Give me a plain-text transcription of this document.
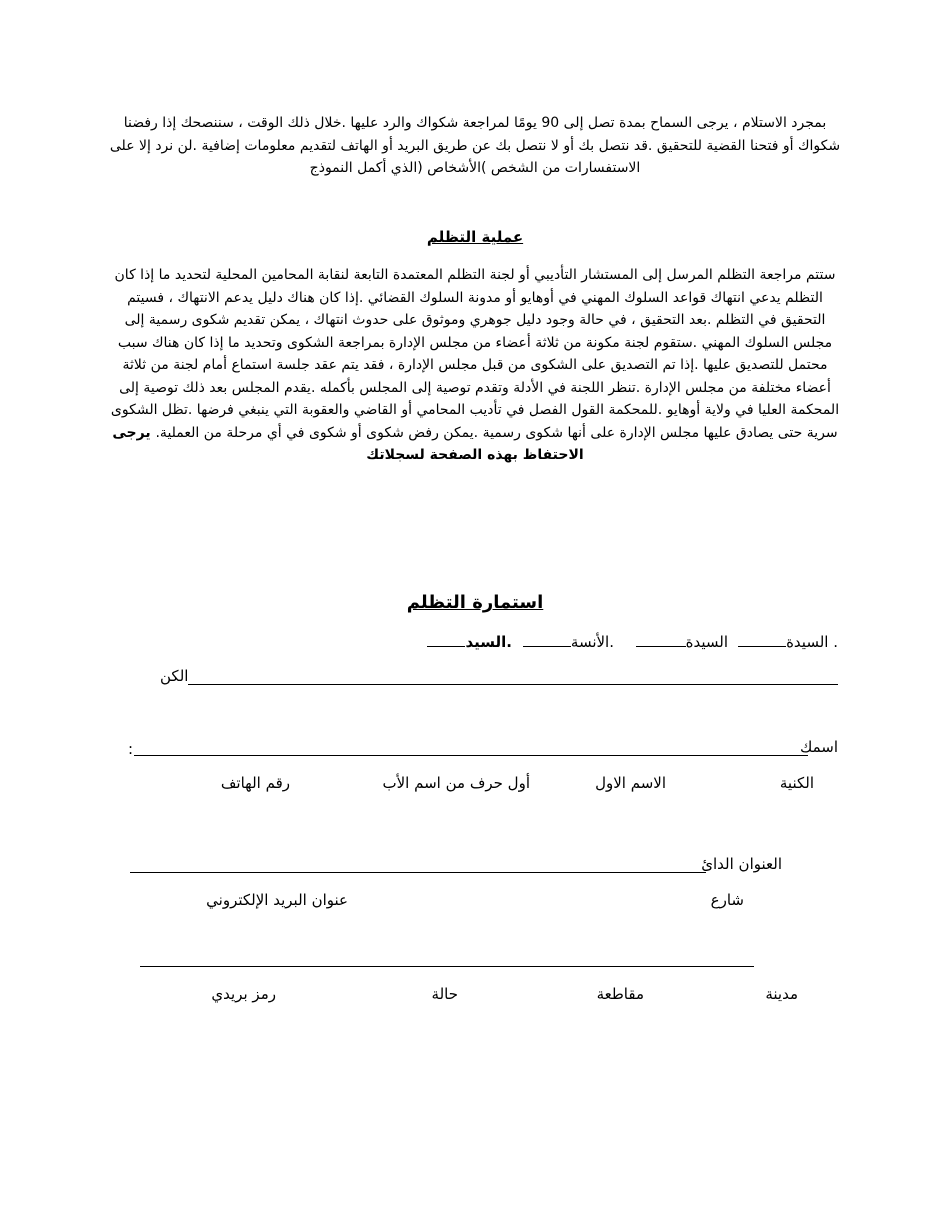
بمجرد الاستلام ، يرجى السماح بمدة تصل إلى 90 يومًا لمراجعة شكواك والرد عليها .خلال ذلك الوقت ، سننصحك إذا رفضنا شكواك أو فتحنا القضية للتحقيق .قد نتصل بك أو لا نتصل بك عن طريق البريد أو الهاتف لتقديم معلومات إضافية .لن نرد إلا على الاستفسارات من الشخص )الأشخاص (الذي أكمل النموذج
عملية التظلم
ستتم مراجعة التظلم المرسل إلى المستشار التأديبي أو لجنة التظلم المعتمدة التابعة لنقابة المحامين المحلية لتحديد ما إذا كان التظلم يدعي انتهاك قواعد السلوك المهني في أوهايو أو مدونة السلوك القضائي .إذا كان هناك دليل يدعم الانتهاك ، فسيتم التحقيق في التظلم .بعد التحقيق ، في حالة وجود دليل جوهري وموثوق على حدوث انتهاك ، يمكن تقديم شكوى رسمية إلى مجلس السلوك المهني .ستقوم لجنة مكونة من ثلاثة أعضاء من مجلس الإدارة بمراجعة الشكوى وتحديد ما إذا كان هناك سبب محتمل للتصديق عليها .إذا تم التصديق على الشكوى من قبل مجلس الإدارة ، فقد يتم عقد جلسة استماع أمام لجنة من ثلاثة أعضاء مختلفة من مجلس الإدارة .تنظر اللجنة في الأدلة وتقدم توصية إلى المجلس بأكمله .يقدم المجلس بعد ذلك توصية إلى المحكمة العليا في ولاية أوهايو .للمحكمة القول الفصل في تأديب المحامي أو القاضي والعقوبة التي ينبغي فرضها .تظل الشكوى سرية حتى يصادق عليها مجلس الإدارة على أنها شكوى رسمية .يمكن رفض شكوى أو شكوى في أي مرحلة من العملية. يرجى الاحتفاظ بهذه الصفحة لسجلاتك
استمارة التظلم
. السيدة
السيدة
.الأنسة
.السيد
الكن
اسمك
:
الكنية
الاسم الاول
أول حرف من اسم الأب
رقم الهاتف
العنوان الدائ
شارع
عنوان البريد الإلكتروني
مدينة
مقاطعة
حالة
رمز بريدي
